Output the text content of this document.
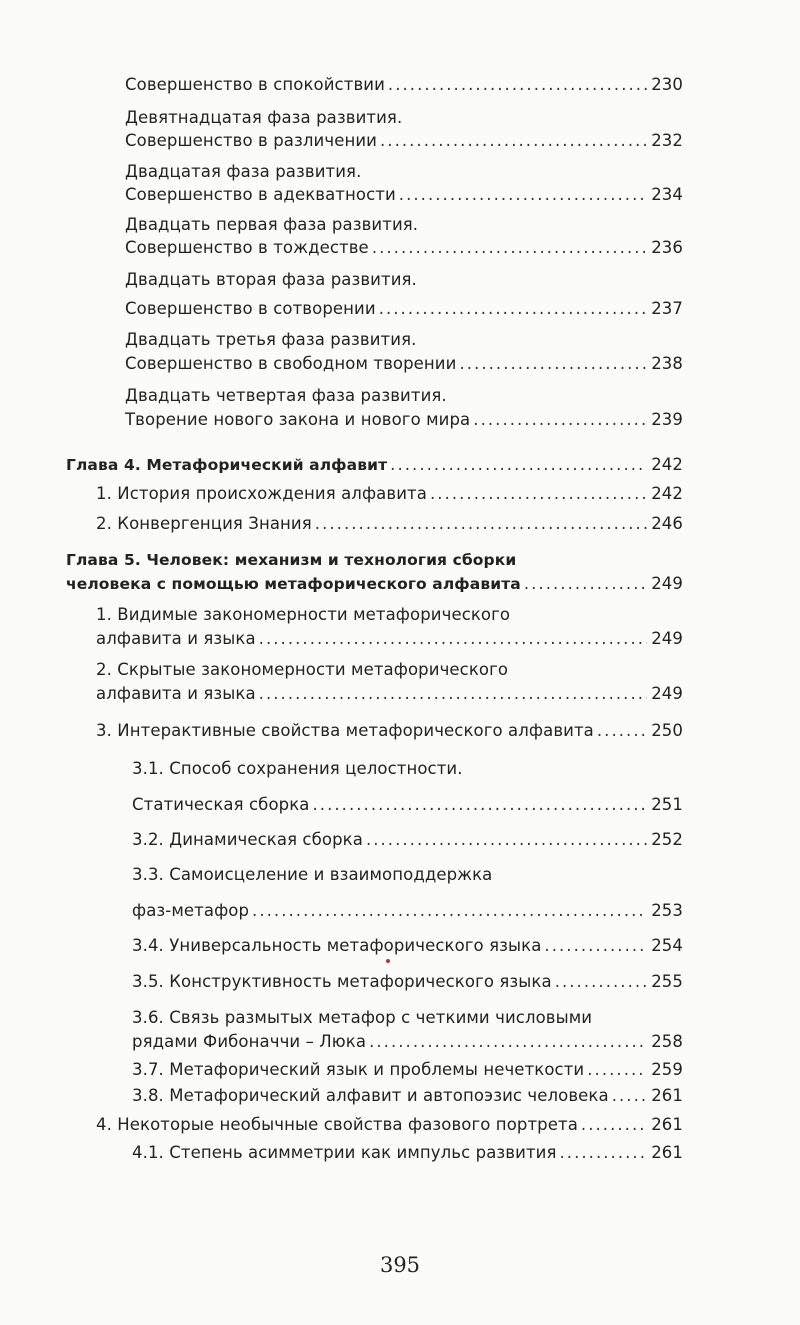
Совершенство в спокойствии . . .	230
Девятнадцатая фаза развития.
Совершенство в различении . . .	232
Двадцатая фаза развития.
Совершенство в адекватности . . .	234
Двадцать первая фаза развития.
Совершенство в тождестве . . .	236
Двадцать вторая фаза развития.
Совершенство в сотворении . . .	237
Двадцать третья фаза развития.
Совершенство в свободном творении . . .	238
Двадцать четвертая фаза развития.
Творение нового закона и нового мира . . .	239
Глава 4. Метафорический алфавит . . .	242
1. История происхождения алфавита . . .	242
2. Конвергенция Знания . . .	246
Глава 5. Человек: механизм и технология сборки
человека с помощью метафорического алфавита . . .	249
1. Видимые закономерности метафорического
алфавита и языка . . .	249
2. Скрытые закономерности метафорического
алфавита и языка . . .	249
3. Интерактивные свойства метафорического алфавита . . .	250
3.1. Способ сохранения целостности.
Статическая сборка . . .	251
3.2. Динамическая сборка . . .	252
3.3. Самоисцеление и взаимоподдержка
фаз-метафор . . .	253
3.4. Универсальность метафорического языка . . .	254
3.5. Конструктивность метафорического языка . . .	255
3.6. Связь размытых метафор с четкими числовыми
рядами Фибоначчи – Люка . . .	258
3.7. Метафорический язык и проблемы нечеткости . . .	259
3.8. Метафорический алфавит и автопоэзис человека . . .	261
4. Некоторые необычные свойства фазового портрета . . .	261
4.1. Степень асимметрии как импульс развития . . .	261
395
